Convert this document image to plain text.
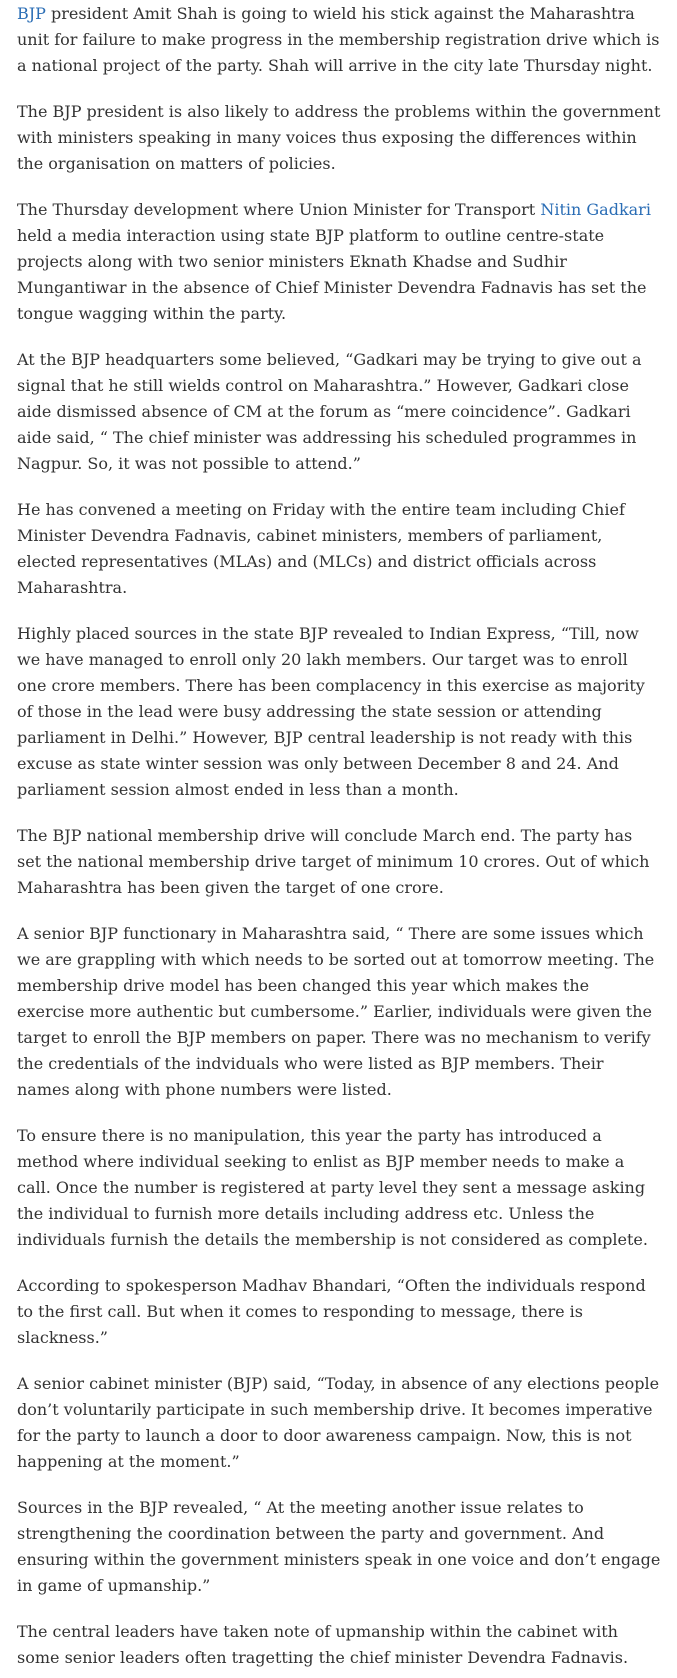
BJP president Amit Shah is going to wield his stick against the Maharashtra unit for failure to make progress in the membership registration drive which is a national project of the party. Shah will arrive in the city late Thursday night.

The BJP president is also likely to address the problems within the government with ministers speaking in many voices thus exposing the differences within the organisation on matters of policies.

The Thursday development where Union Minister for Transport Nitin Gadkari held a media interaction using state BJP platform to outline centre-state projects along with two senior ministers Eknath Khadse and Sudhir Mungantiwar in the absence of Chief Minister Devendra Fadnavis has set the tongue wagging within the party.

At the BJP headquarters some believed, “Gadkari may be trying to give out a signal that he still wields control on Maharashtra.” However, Gadkari close aide dismissed absence of CM at the forum as “mere coincidence”. Gadkari aide said, “ The chief minister was addressing his scheduled programmes in Nagpur. So, it was not possible to attend.”

He has convened a meeting on Friday with the entire team including Chief Minister Devendra Fadnavis, cabinet ministers, members of parliament, elected representatives (MLAs) and (MLCs) and district officials across Maharashtra.

Highly placed sources in the state BJP revealed to Indian Express, “Till, now we have managed to enroll only 20 lakh members. Our target was to enroll one crore members. There has been complacency in this exercise as majority of those in the lead were busy addressing the state session or attending parliament in Delhi.” However, BJP central leadership is not ready with this excuse as state winter session was only between December 8 and 24. And parliament session almost ended in less than a month.

The BJP national membership drive will conclude March end. The party has set the national membership drive target of minimum 10 crores. Out of which Maharashtra has been given the target of one crore.

A senior BJP functionary in Maharashtra said, “ There are some issues which we are grappling with which needs to be sorted out at tomorrow meeting. The membership drive model has been changed this year which makes the exercise more authentic but cumbersome.” Earlier, individuals were given the target to enroll the BJP members on paper. There was no mechanism to verify the credentials of the indviduals who were listed as BJP members. Their names along with phone numbers were listed.

To ensure there is no manipulation, this year the party has introduced a method where individual seeking to enlist as BJP member needs to make a call. Once the number is registered at party level they sent a message asking the individual to furnish more details including address etc. Unless the individuals furnish the details the membership is not considered as complete.

According to spokesperson Madhav Bhandari, “Often the individuals respond to the first call. But when it comes to responding to message, there is slackness.”

A senior cabinet minister (BJP) said, “Today, in absence of any elections people don’t voluntarily participate in such membership drive. It becomes imperative for the party to launch a door to door awareness campaign. Now, this is not happening at the moment.”

Sources in the BJP revealed, “ At the meeting another issue relates to strengthening the coordination between the party and government. And ensuring within the government ministers speak in one voice and don’t engage in game of upmanship.”

The central leaders have taken note of upmanship within the cabinet with some senior leaders often tragetting the chief minister Devendra Fadnavis.
